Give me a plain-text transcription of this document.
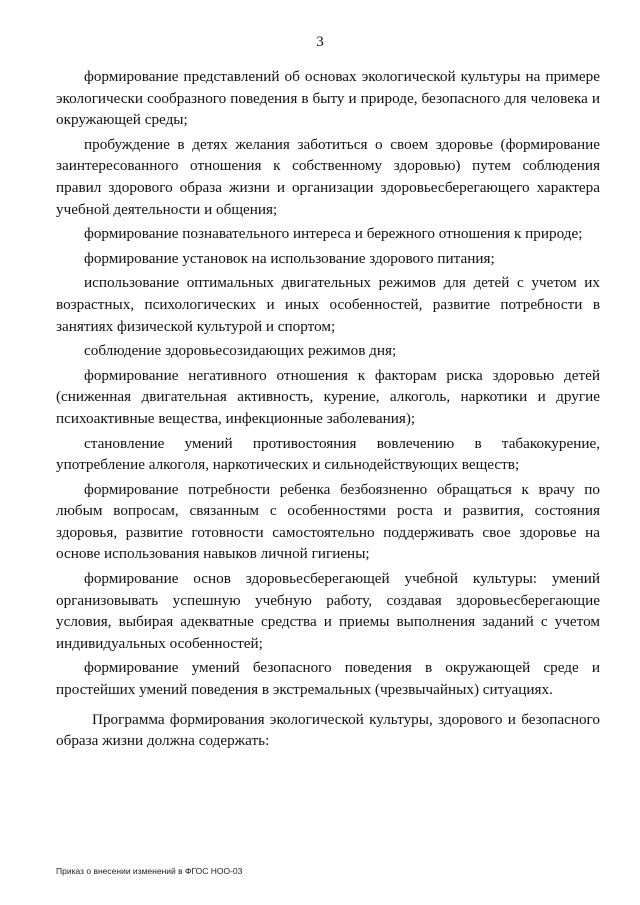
3

формирование представлений об основах экологической культуры на примере экологически сообразного поведения в быту и природе, безопасного для человека и окружающей среды;

пробуждение в детях желания заботиться о своем здоровье (формирование заинтересованного отношения к собственному здоровью) путем соблюдения правил здорового образа жизни и организации здоровьесберегающего характера учебной деятельности и общения;

формирование познавательного интереса и бережного отношения к природе;

формирование установок на использование здорового питания;

использование оптимальных двигательных режимов для детей с учетом их возрастных, психологических и иных особенностей, развитие потребности в занятиях физической культурой и спортом;

соблюдение здоровьесозидающих режимов дня;

формирование негативного отношения к факторам риска здоровью детей (сниженная двигательная активность, курение, алкоголь, наркотики и другие психоактивные вещества, инфекционные заболевания);

становление умений противостояния вовлечению в табакокурение, употребление алкоголя, наркотических и сильнодействующих веществ;

формирование потребности ребенка безбоязненно обращаться к врачу по любым вопросам, связанным с особенностями роста и развития, состояния здоровья, развитие готовности самостоятельно поддерживать свое здоровье на основе использования навыков личной гигиены;

формирование основ здоровьесберегающей учебной культуры: умений организовывать успешную учебную работу, создавая здоровьесберегающие условия, выбирая адекватные средства и приемы выполнения заданий с учетом индивидуальных особенностей;

формирование умений безопасного поведения в окружающей среде и простейших умений поведения в экстремальных (чрезвычайных) ситуациях.

Программа формирования экологической культуры, здорового и безопасного образа жизни должна содержать:

Приказ о внесении изменений в ФГОС НОО-03
